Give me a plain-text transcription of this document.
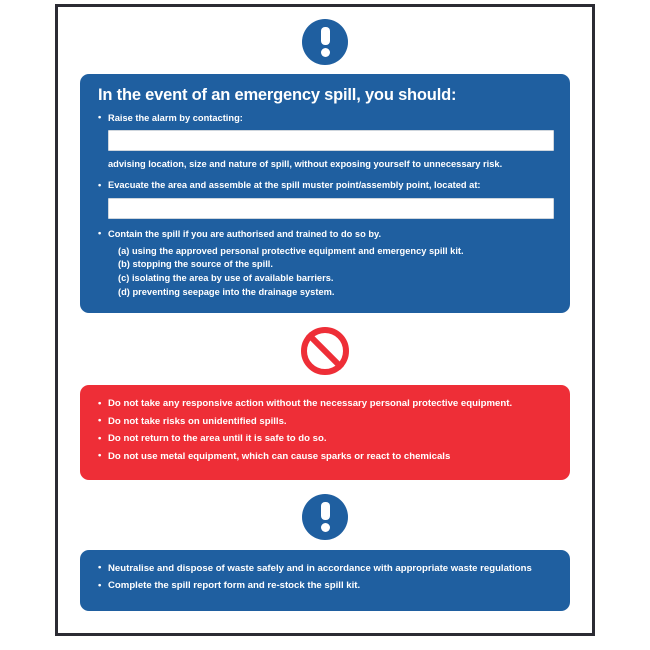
In the event of an emergency spill, you should:
• Raise the alarm by contacting:
advising location, size and nature of spill, without exposing yourself to unnecessary risk.
• Evacuate the area and assemble at the spill muster point/assembly point, located at:
• Contain the spill if you are authorised and trained to do so by.
(a) using the approved personal protective equipment and emergency spill kit.
(b) stopping the source of the spill.
(c) isolating the area by use of available barriers.
(d) preventing seepage into the drainage system.
• Do not take any responsive action without the necessary personal protective equipment.
• Do not take risks on unidentified spills.
• Do not return to the area until it is safe to do so.
• Do not use metal equipment, which can cause sparks or react to chemicals
• Neutralise and dispose of waste safely and in accordance with appropriate waste regulations
• Complete the spill report form and re-stock the spill kit.
